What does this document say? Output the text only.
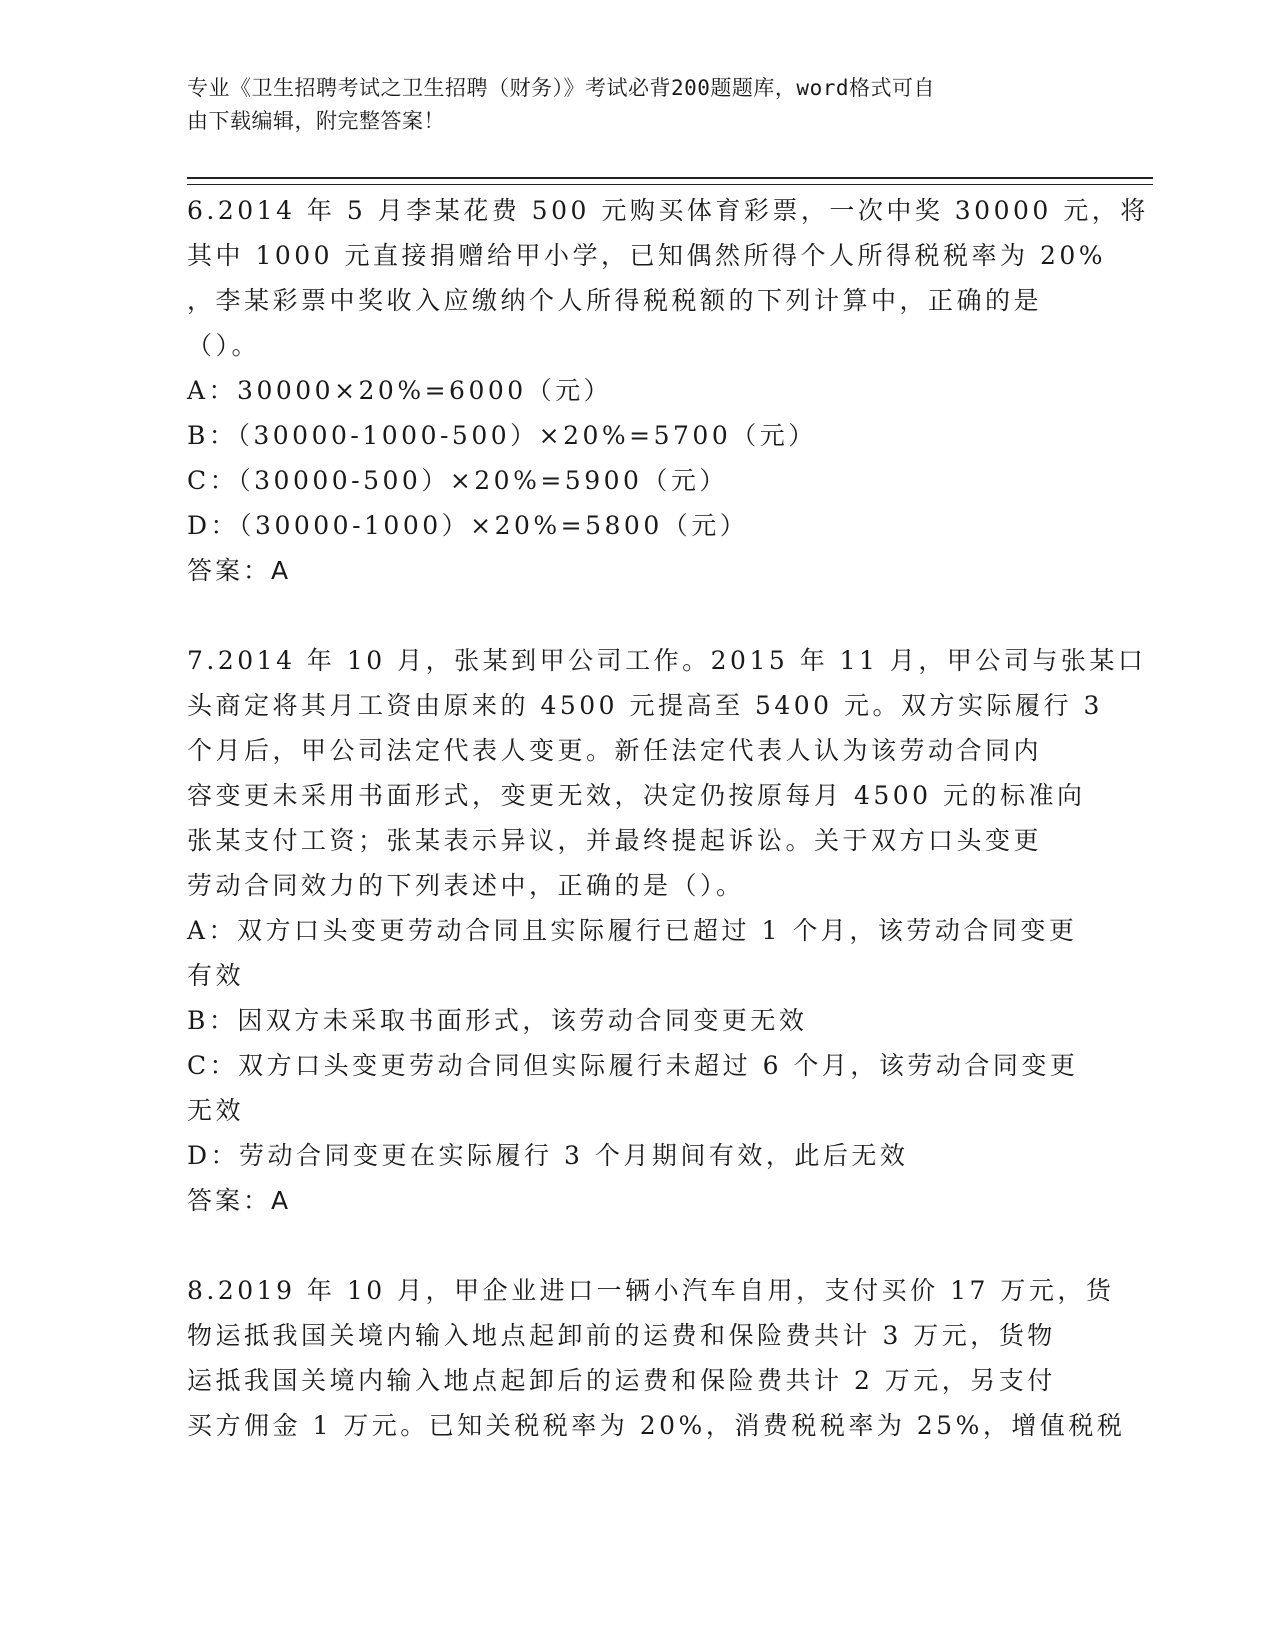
专业《卫生招聘考试之卫生招聘（财务）》考试必背200题题库，word格式可自
由下载编辑，附完整答案！

6.2014 年 5 月李某花费 500 元购买体育彩票，一次中奖 30000 元，将

其中 1000 元直接捐赠给甲小学，已知偶然所得个人所得税税率为 20%

，李某彩票中奖收入应缴纳个人所得税税额的下列计算中，正确的是

（）。

A：30000×20%=6000（元）

B：（30000-1000-500）×20%=5700（元）

C：（30000-500）×20%=5900（元）

D：（30000-1000）×20%=5800（元）

答案：A

7.2014 年 10 月，张某到甲公司工作。2015 年 11 月，甲公司与张某口

头商定将其月工资由原来的 4500 元提高至 5400 元。双方实际履行 3

个月后，甲公司法定代表人变更。新任法定代表人认为该劳动合同内

容变更未采用书面形式，变更无效，决定仍按原每月 4500 元的标准向

张某支付工资；张某表示异议，并最终提起诉讼。关于双方口头变更

劳动合同效力的下列表述中，正确的是（）。

A：双方口头变更劳动合同且实际履行已超过 1 个月，该劳动合同变更

有效

B：因双方未采取书面形式，该劳动合同变更无效

C：双方口头变更劳动合同但实际履行未超过 6 个月，该劳动合同变更

无效

D：劳动合同变更在实际履行 3 个月期间有效，此后无效

答案：A

8.2019 年 10 月，甲企业进口一辆小汽车自用，支付买价 17 万元，货

物运抵我国关境内输入地点起卸前的运费和保险费共计 3 万元，货物

运抵我国关境内输入地点起卸后的运费和保险费共计 2 万元，另支付

买方佣金 1 万元。已知关税税率为 20%，消费税税率为 25%，增值税税
